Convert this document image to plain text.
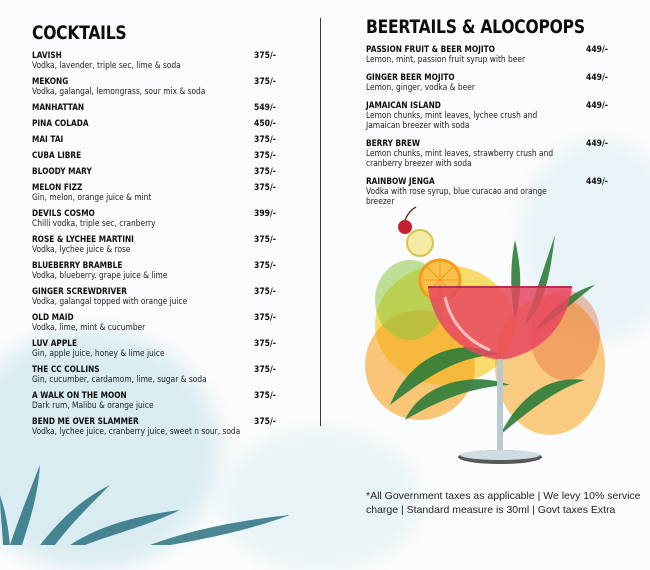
COCKTAILS
LAVISH	375/-
Vodka, lavender, triple sec, lime & soda
MEKONG	375/-
Vodka, galangal, lemongrass, sour mix & soda
MANHATTAN	549/-
PINA COLADA	450/-
MAI TAI	375/-
CUBA LIBRE	375/-
BLOODY MARY	375/-
MELON FIZZ	375/-
Gin, melon, orange juice & mint
DEVILS COSMO	399/-
Chilli vodka, triple sec, cranberry
ROSE & LYCHEE MARTINI	375/-
Vodka, lychee juice & rose
BLUEBERRY BRAMBLE	375/-
Vodka, blueberry. grape juice & lime
GINGER SCREWDRIVER	375/-
Vodka, galangal topped with orange juice
OLD MAID	375/-
Vodka, lime, mint & cucumber
LUV APPLE	375/-
Gin, apple juice, honey & lime juice
THE CC COLLINS	375/-
Gin, cucumber, cardamom, lime, sugar & soda
A WALK ON THE MOON	375/-
Dark rum, Malibu & orange juice
BEND ME OVER SLAMMER	375/-
Vodka, lychee juice, cranberry juice, sweet n sour, soda
BEERTAILS & ALOCOPOPS
PASSION FRUIT & BEER MOJITO	449/-
Lemon, mint, passion fruit syrup with beer
GINGER BEER MOJITO	449/-
Lemon, ginger, vodka & beer
JAMAICAN ISLAND	449/-
Lemon chunks, mint leaves, lychee crush and Jamaican breezer with soda
BERRY BREW	449/-
Lemon chunks, mint leaves, strawberry crush and cranberry breezer with soda
RAINBOW JENGA	449/-
Vodka with rose syrup, blue curacao and orange breezer
*All Government taxes as applicable | We levy 10% service charge | Standard measure is 30ml | Govt taxes Extra
